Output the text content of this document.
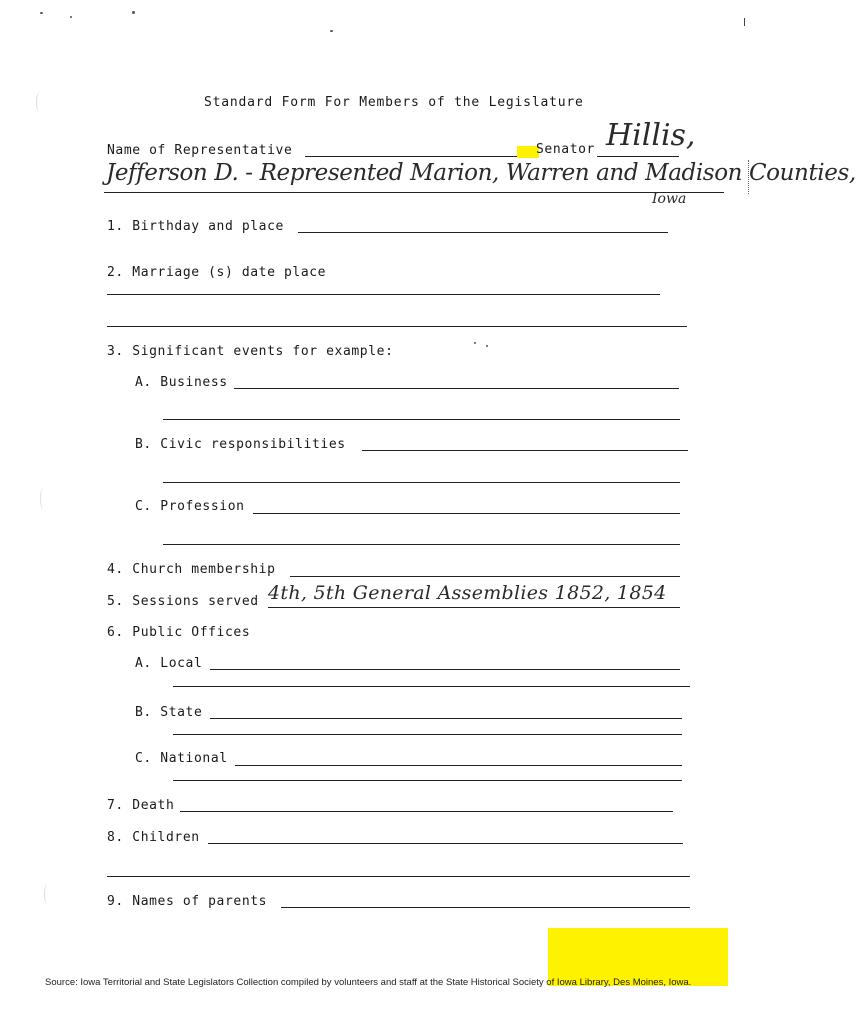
Standard Form For Members of the Legislature
Name of Representative	Senator Hillis,
Jefferson D. - Represented Marion, Warren and Madison Counties,
Iowa
1. Birthday and place
2. Marriage (s) date place
3. Significant events for example:
A. Business
B. Civic responsibilities
C. Profession
4. Church membership
5. Sessions served 4th, 5th General Assemblies 1852, 1854
6. Public Offices
A. Local
B. State
C. National
7. Death
8. Children
9. Names of parents
Source: Iowa Territorial and State Legislators Collection compiled by volunteers and staff at the State Historical Society of Iowa Library, Des Moines, Iowa.
